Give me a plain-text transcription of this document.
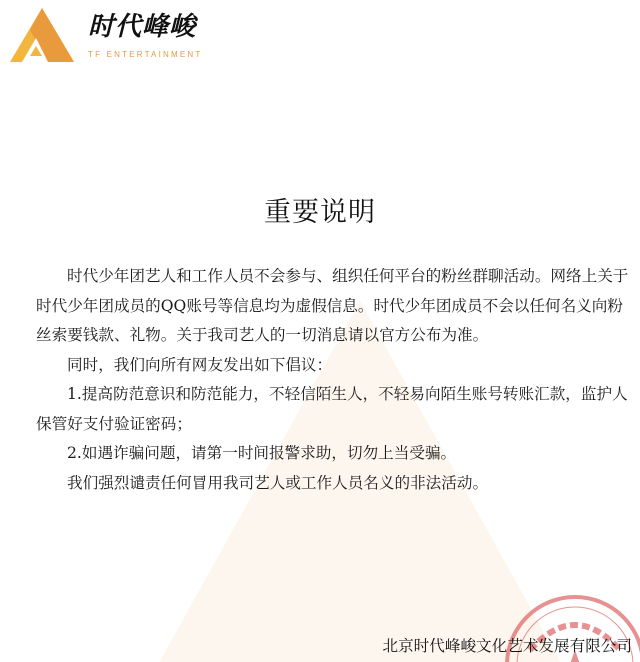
时代峰峻
TF ENTERTAINMENT
重要说明

时代少年团艺人和工作人员不会参与、组织任何平台的粉丝群聊活动。网络上关于时代少年团成员的QQ账号等信息均为虚假信息。时代少年团成员不会以任何名义向粉丝索要钱款、礼物。关于我司艺人的一切消息请以官方公布为准。

同时，我们向所有网友发出如下倡议：

1.提高防范意识和防范能力，不轻信陌生人，不轻易向陌生账号转账汇款，监护人保管好支付验证密码；

2.如遇诈骗问题，请第一时间报警求助，切勿上当受骗。

我们强烈谴责任何冒用我司艺人或工作人员名义的非法活动。

北京时代峰峻文化艺术发展有限公司
